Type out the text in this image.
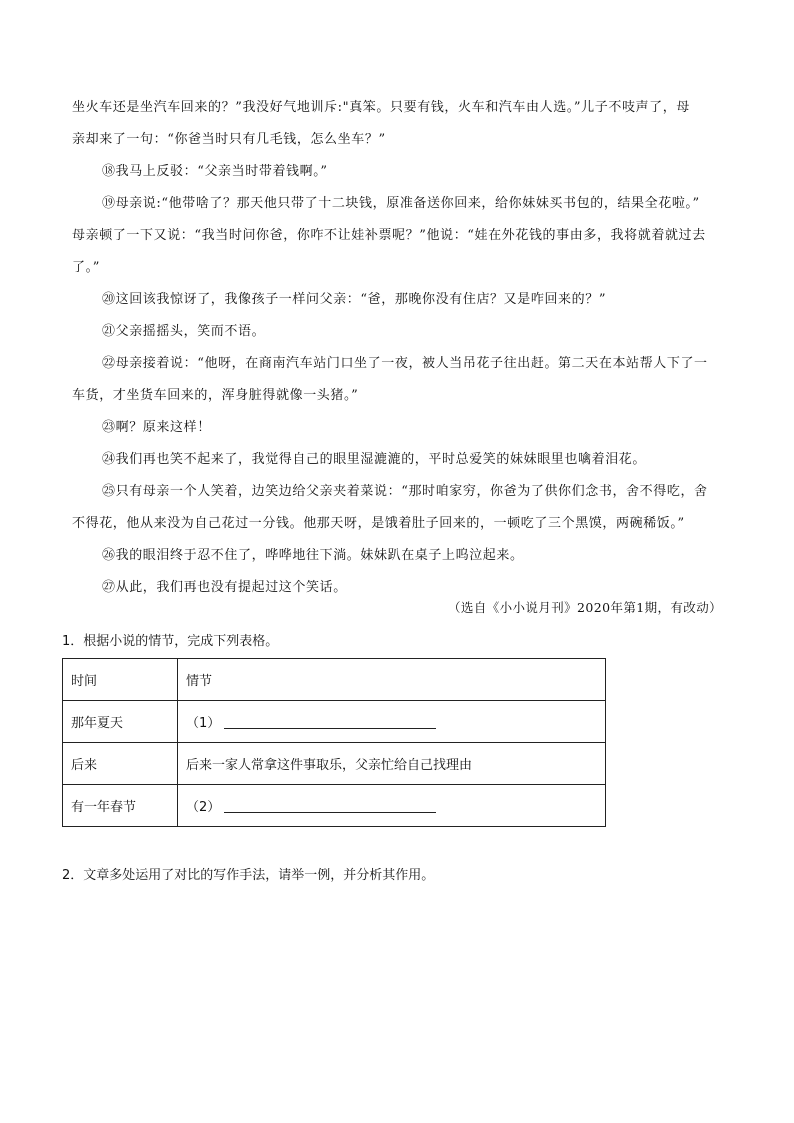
坐火车还是坐汽车回来的？”我没好气地训斥:"真笨。只要有钱，火车和汽车由人选。”儿子不吱声了，母
亲却来了一句：“你爸当时只有几毛钱，怎么坐车？”
⑱我马上反驳：“父亲当时带着钱啊。”
⑲母亲说:“他带啥了？那天他只带了十二块钱，原准备送你回来，给你妹妹买书包的，结果全花啦。”
母亲顿了一下又说：“我当时问你爸，你咋不让娃补票呢？”他说：“娃在外花钱的事由多，我将就着就过去
了。”
⑳这回该我惊讶了，我像孩子一样问父亲：“爸，那晚你没有住店？又是咋回来的？”
㉑父亲摇摇头，笑而不语。
㉒母亲接着说：“他呀，在商南汽车站门口坐了一夜，被人当吊花子往出赶。第二天在本站帮人下了一
车货，才坐货车回来的，浑身脏得就像一头猪。”
㉓啊？原来这样！
㉔我们再也笑不起来了，我觉得自己的眼里湿漉漉的，平时总爱笑的妹妹眼里也噙着泪花。
㉕只有母亲一个人笑着，边笑边给父亲夹着菜说：“那时咱家穷，你爸为了供你们念书，舍不得吃，舍
不得花，他从来没为自己花过一分钱。他那天呀，是饿着肚子回来的，一顿吃了三个黑馍，两碗稀饭。”
㉖我的眼泪终于忍不住了，哗哗地往下淌。妹妹趴在桌子上呜泣起来。
㉗从此，我们再也没有提起过这个笑话。
（选自《小小说月刊》2020年第1期，有改动）
1．根据小说的情节，完成下列表格。
时间	情节
那年夏天	（1）

后来	后来一家人常拿这件事取乐，父亲忙给自己找理由
有一年春节	（2）
2．文章多处运用了对比的写作手法，请举一例，并分析其作用。
